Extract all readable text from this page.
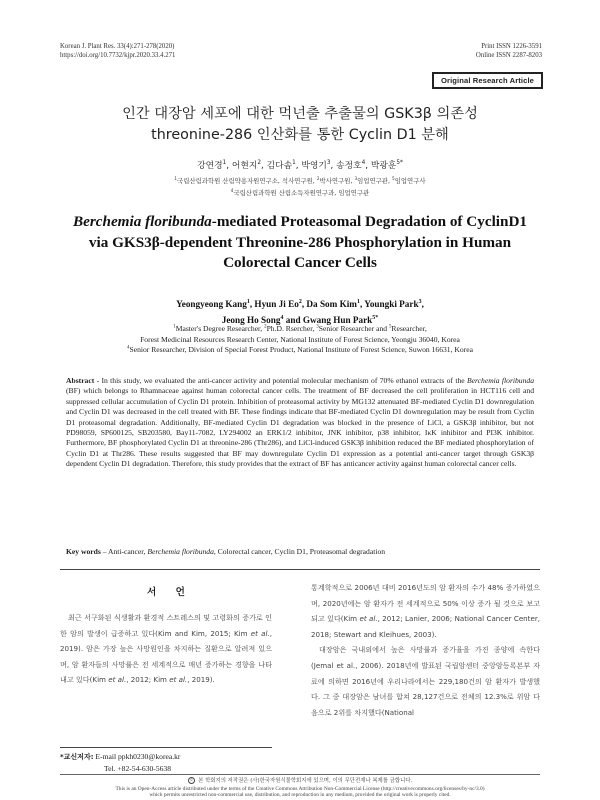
Korean J. Plant Res. 33(4):271-278(2020)
https://doi.org/10.7732/kjpr.2020.33.4.271
Print ISSN 1226-3591
Online ISSN 2287-8203
Original Research Article
인간 대장암 세포에 대한 먹넌출 추출물의 GSK3β 의존성
threonine-286 인산화를 통한 Cyclin D1 분해
강연경$^1$, 어현지$^2$, 김다솜$^1$, 박영기$^3$, 송정호$^4$, 박광훈$^{5*}$
$^1$국립산림과학원 산림약용자원연구소, 석사연구원, $^2$박사연구원, $^3$임업연구관, $^5$임업연구사
$^4$국립산림과학원 산림소득자원연구과, 임업연구관
Berchemia floribunda-mediated Proteasomal Degradation of CyclinD1
via GKS3β-dependent Threonine-286 Phosphorylation in Human
Colorectal Cancer Cells
Yeongyeong Kang$^1$, Hyun Ji Eo$^2$, Da Som Kim$^1$, Youngki Park$^3$,
Jeong Ho Song$^4$ and Gwang Hun Park$^{5*}$
$^1$Master's Degree Researcher, $^2$Ph.D. Rsercher, $^3$Senior Researcher and $^5$Researcher,
Forest Medicinal Resources Research Center, National Institute of Forest Science, Yeongju 36040, Korea
$^4$Senior Researcher, Division of Special Forest Product, National Institute of Forest Science, Suwon 16631, Korea
Abstract - In this study, we evaluated the anti-cancer activity and potential molecular mechanism of 70% ethanol extracts of the Berchemia floribunda (BF) which belongs to Rhamnaceae against human colorectal cancer cells. The treatment of BF decreased the cell proliferation in HCT116 cell and suppressed cellular accumulation of Cyclin D1 protein. Inhibition of proteasomal activity by MG132 attenuated BF-mediated Cyclin D1 downregulation and Cyclin D1 was decreased in the cell treated with BF. These findings indicate that BF-mediated Cyclin D1 downregulation may be result from Cyclin D1 proteasomal degradation. Additionally, BF-mediated Cyclin D1 degradation was blocked in the presence of LiCl, a GSK3β inhibitor, but not PD98059, SP600125, SB203580, Bay11-7082, LY294002 an ERK1/2 inhibitor, JNK inhibitor, p38 inhibitor, IκK inhibitor and PI3K inhibitor. Furthermore, BF phosphorylated Cyclin D1 at threonine-286 (Thr286), and LiCl-induced GSK3β inhibition reduced the BF mediated phosphorylation of Cyclin D1 at Thr286. These results suggested that BF may downregulate Cyclin D1 expression as a potential anti-cancer target through GSK3β dependent Cyclin D1 degradation. Therefore, this study provides that the extract of BF has anticancer activity against human colorectal cancer cells.
Key words – Anti-cancer, Berchemia floribunda, Colorectal cancer, Cyclin D1, Proteasomal degradation
서 언

최근 서구화된 식생활과 환경적 스트레스의 및 고령화의 증가로 인한 암의 발생이 급증하고 있다(Kim and Kim, 2015; Kim et al., 2019). 암은 가장 높은 사망원인을 차지하는 질환으로 알려져 있으며, 암 환자들의 사망률은 전 세계적으로 매년 증가하는 경향을 나타내고 있다(Kim et al., 2012; Kim et al., 2019).

통계학적으로 2006년 대비 2016년도의 암 환자의 수가 48% 증가하였으며, 2020년에는 암 환자가 전 세계적으로 50% 이상 증가 될 것으로 보고되고 있다(Kim et al., 2012; Lanier, 2006; National Cancer Center, 2018; Stewart and Kleihues, 2003).

대장암은 국내외에서 높은 사망률과 증가율을 가진 종양에 속한다(Jemal et al., 2006). 2018년에 발표된 국립암센터 중앙암등록본부 자료에 의하면 2016년에 우리나라에서는 229,180건의 암 환자가 발생했다. 그 중 대장암은 남녀를 합쳐 28,127건으로 전체의 12.3%로 위암 다음으로 2위를 차지했다(National

*교신저자: E-mail ppkh0230@korea.kr
Tel. +82-54-630-5638
© 본 학회지의 저작권은 (사)한국자원식물학회지에 있으며, 이의 무단전재나 복제를 금합니다.
This is an Open-Access article distributed under the terms of the Creative Commons Attribution Non-Commercial License (http://creativecommons.org/licenses/by-nc/3.0)
which permits unrestricted non-commercial use, distribution, and reproduction in any medium, provided the original work is properly cited.
